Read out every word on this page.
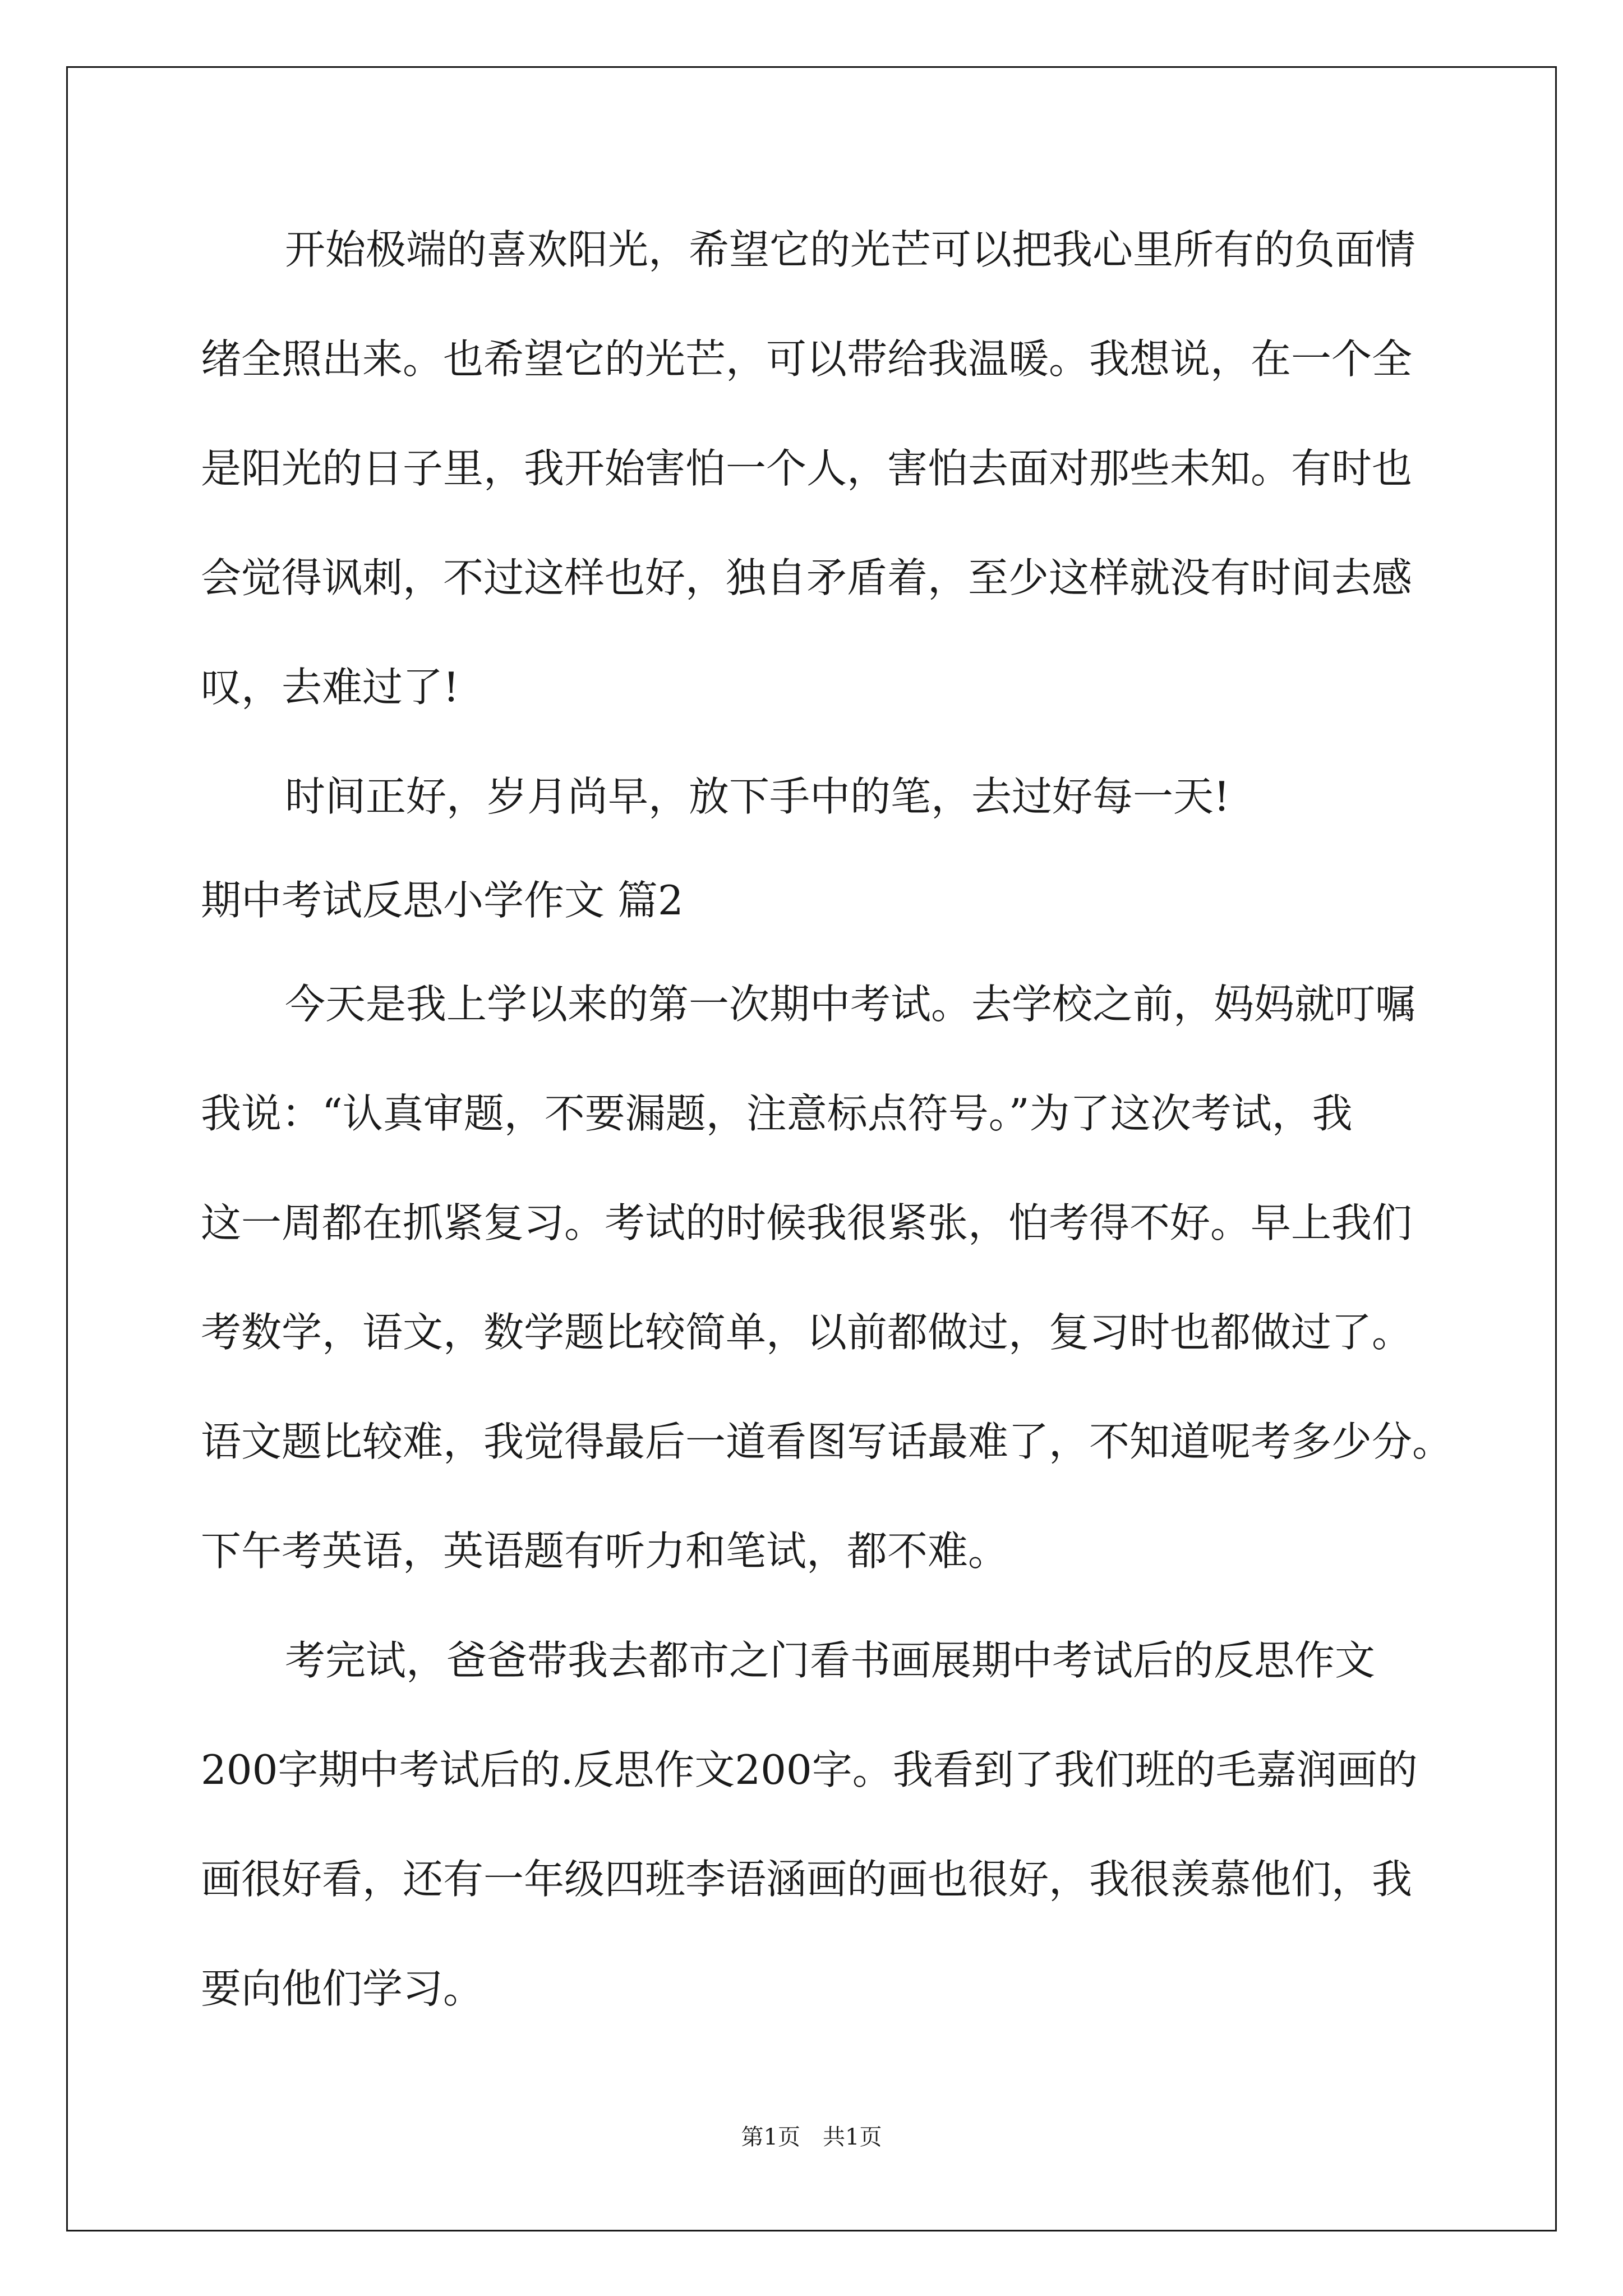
开始极端的喜欢阳光，希望它的光芒可以把我心里所有的负面情
绪全照出来。也希望它的光芒，可以带给我温暖。我想说，在一个全
是阳光的日子里，我开始害怕一个人，害怕去面对那些未知。有时也
会觉得讽刺，不过这样也好，独自矛盾着，至少这样就没有时间去感
叹，去难过了!
时间正好，岁月尚早，放下手中的笔，去过好每一天!
期中考试反思小学作文 篇2
今天是我上学以来的第一次期中考试。去学校之前，妈妈就叮嘱
我说：“认真审题，不要漏题，注意标点符号。”为了这次考试，我
这一周都在抓紧复习。考试的时候我很紧张，怕考得不好。早上我们
考数学，语文，数学题比较简单，以前都做过，复习时也都做过了。
语文题比较难，我觉得最后一道看图写话最难了，不知道呢考多少分。
下午考英语，英语题有听力和笔试，都不难。
考完试，爸爸带我去都市之门看书画展期中考试后的反思作文
200字期中考试后的.反思作文200字。我看到了我们班的毛嘉润画的
画很好看，还有一年级四班李语涵画的画也很好，我很羡慕他们，我
要向他们学习。
第1页　共1页
